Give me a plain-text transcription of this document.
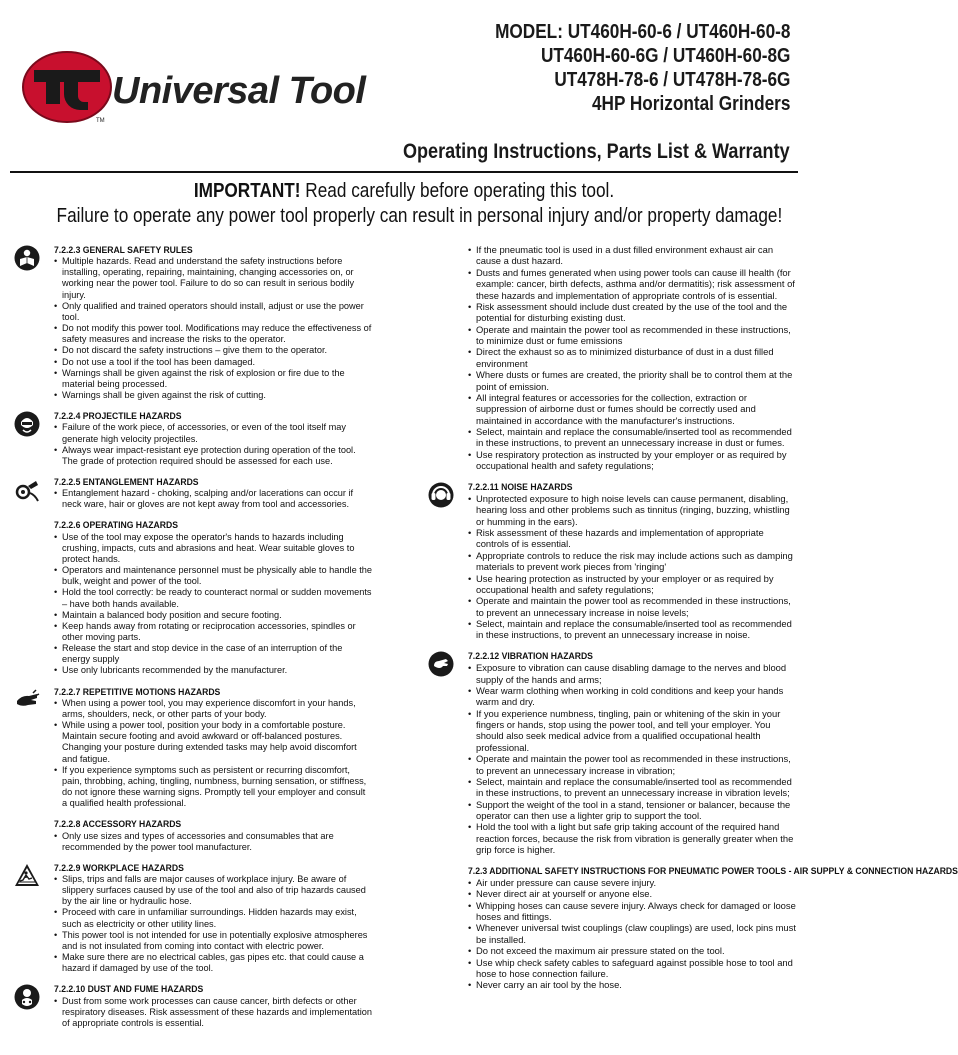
Universal Tool
TM
MODEL: UT460H-60-6 / UT460H-60-8
UT460H-60-6G / UT460H-60-8G
UT478H-78-6 / UT478H-78-6G
4HP Horizontal Grinders
Operating Instructions, Parts List & Warranty
IMPORTANT! Read carefully before operating this tool.
Failure to operate any power tool properly can result in personal injury and/or property damage!
7.2.2.3 GENERAL SAFETY RULES
• Multiple hazards. Read and understand the safety instructions before installing, operating, repairing, maintaining, changing accessories on, or working near the power tool. Failure to do so can result in serious bodily injury.
• Only qualified and trained operators should install, adjust or use the power tool.
• Do not modify this power tool. Modifications may reduce the effectiveness of safety measures and increase the risks to the operator.
• Do not discard the safety instructions – give them to the operator.
• Do not use a tool if the tool has been damaged.
• Warnings shall be given against the risk of explosion or fire due to the material being processed.
• Warnings shall be given against the risk of cutting.
7.2.2.4 PROJECTILE HAZARDS
• Failure of the work piece, of accessories, or even of the tool itself may generate high velocity projectiles.
• Always wear impact-resistant eye protection during operation of the tool. The grade of protection required should be assessed for each use.
7.2.2.5 ENTANGLEMENT HAZARDS
• Entanglement hazard - choking, scalping and/or lacerations can occur if neck ware, hair or gloves are not kept away from tool and accessories.
7.2.2.6 OPERATING HAZARDS
• Use of the tool may expose the operator's hands to hazards including crushing, impacts, cuts and abrasions and heat. Wear suitable gloves to protect hands.
• Operators and maintenance personnel must be physically able to handle the bulk, weight and power of the tool.
• Hold the tool correctly: be ready to counteract normal or sudden movements – have both hands available.
• Maintain a balanced body position and secure footing.
• Keep hands away from rotating or reciprocation accessories, spindles or other moving parts.
• Release the start and stop device in the case of an interruption of the energy supply
• Use only lubricants recommended by the manufacturer.
7.2.2.7 REPETITIVE MOTIONS HAZARDS
• When using a power tool, you may experience discomfort in your hands, arms, shoulders, neck, or other parts of your body.
• While using a power tool, position your body in a comfortable posture. Maintain secure footing and avoid awkward or off-balanced postures. Changing your posture during extended tasks may help avoid discomfort and fatigue.
• If you experience symptoms such as persistent or recurring discomfort, pain, throbbing, aching, tingling, numbness, burning sensation, or stiffness, do not ignore these warning signs. Promptly tell your employer and consult a qualified health professional.
7.2.2.8 ACCESSORY HAZARDS
• Only use sizes and types of accessories and consumables that are recommended by the power tool manufacturer.
7.2.2.9 WORKPLACE HAZARDS
• Slips, trips and falls are major causes of workplace injury. Be aware of slippery surfaces caused by use of the tool and also of trip hazards caused by the air line or hydraulic hose.
• Proceed with care in unfamiliar surroundings. Hidden hazards may exist, such as electricity or other utility lines.
• This power tool is not intended for use in potentially explosive atmospheres and is not insulated from coming into contact with electric power.
• Make sure there are no electrical cables, gas pipes etc. that could cause a hazard if damaged by use of the tool.
7.2.2.10 DUST AND FUME HAZARDS
• Dust from some work processes can cause cancer, birth defects or other respiratory diseases. Risk assessment of these hazards and implementation of appropriate controls is essential.
• If the pneumatic tool is used in a dust filled environment exhaust air can cause a dust hazard.
• Dusts and fumes generated when using power tools can cause ill health (for example: cancer, birth defects, asthma and/or dermatitis); risk assessment of these hazards and implementation of appropriate controls of is essential.
• Risk assessment should include dust created by the use of the tool and the potential for disturbing existing dust.
• Operate and maintain the power tool as recommended in these instructions, to minimize dust or fume emissions
• Direct the exhaust so as to minimized disturbance of dust in a dust filled environment
• Where dusts or fumes are created, the priority shall be to control them at the point of emission.
• All integral features or accessories for the collection, extraction or suppression of airborne dust or fumes should be correctly used and maintained in accordance with the manufacturer's instructions.
• Select, maintain and replace the consumable/inserted tool as recommended in these instructions, to prevent an unnecessary increase in dust or fumes.
• Use respiratory protection as instructed by your employer or as required by occupational health and safety regulations;
7.2.2.11 NOISE HAZARDS
• Unprotected exposure to high noise levels can cause permanent, disabling, hearing loss and other problems such as tinnitus (ringing, buzzing, whistling or humming in the ears).
• Risk assessment of these hazards and implementation of appropriate controls of is essential.
• Appropriate controls to reduce the risk may include actions such as damping materials to prevent work pieces from 'ringing'
• Use hearing protection as instructed by your employer or as required by occupational health and safety regulations;
• Operate and maintain the power tool as recommended in these instructions, to prevent an unnecessary increase in noise levels;
• Select, maintain and replace the consumable/inserted tool as recommended in these instructions, to prevent an unnecessary increase in noise.
7.2.2.12 VIBRATION HAZARDS
• Exposure to vibration can cause disabling damage to the nerves and blood supply of the hands and arms;
• Wear warm clothing when working in cold conditions and keep your hands warm and dry.
• If you experience numbness, tingling, pain or whitening of the skin in your fingers or hands, stop using the power tool, and tell your employer. You should also seek medical advice from a qualified occupational health professional.
• Operate and maintain the power tool as recommended in these instructions, to prevent an unnecessary increase in vibration;
• Select, maintain and replace the consumable/inserted tool as recommended in these instructions, to prevent an unnecessary increase in vibration levels;
• Support the weight of the tool in a stand, tensioner or balancer, because the operator can then use a lighter grip to support the tool.
• Hold the tool with a light but safe grip taking account of the required hand reaction forces, because the risk from vibration is generally greater when the grip force is higher.
7.2.3 ADDITIONAL SAFETY INSTRUCTIONS FOR PNEUMATIC POWER TOOLS - AIR SUPPLY & CONNECTION HAZARDS
• Air under pressure can cause severe injury.
• Never direct air at yourself or anyone else.
• Whipping hoses can cause severe injury. Always check for damaged or loose hoses and fittings.
• Whenever universal twist couplings (claw couplings) are used, lock pins must be installed.
• Do not exceed the maximum air pressure stated on the tool.
• Use whip check safety cables to safeguard against possible hose to tool and hose to hose connection failure.
• Never carry an air tool by the hose.
